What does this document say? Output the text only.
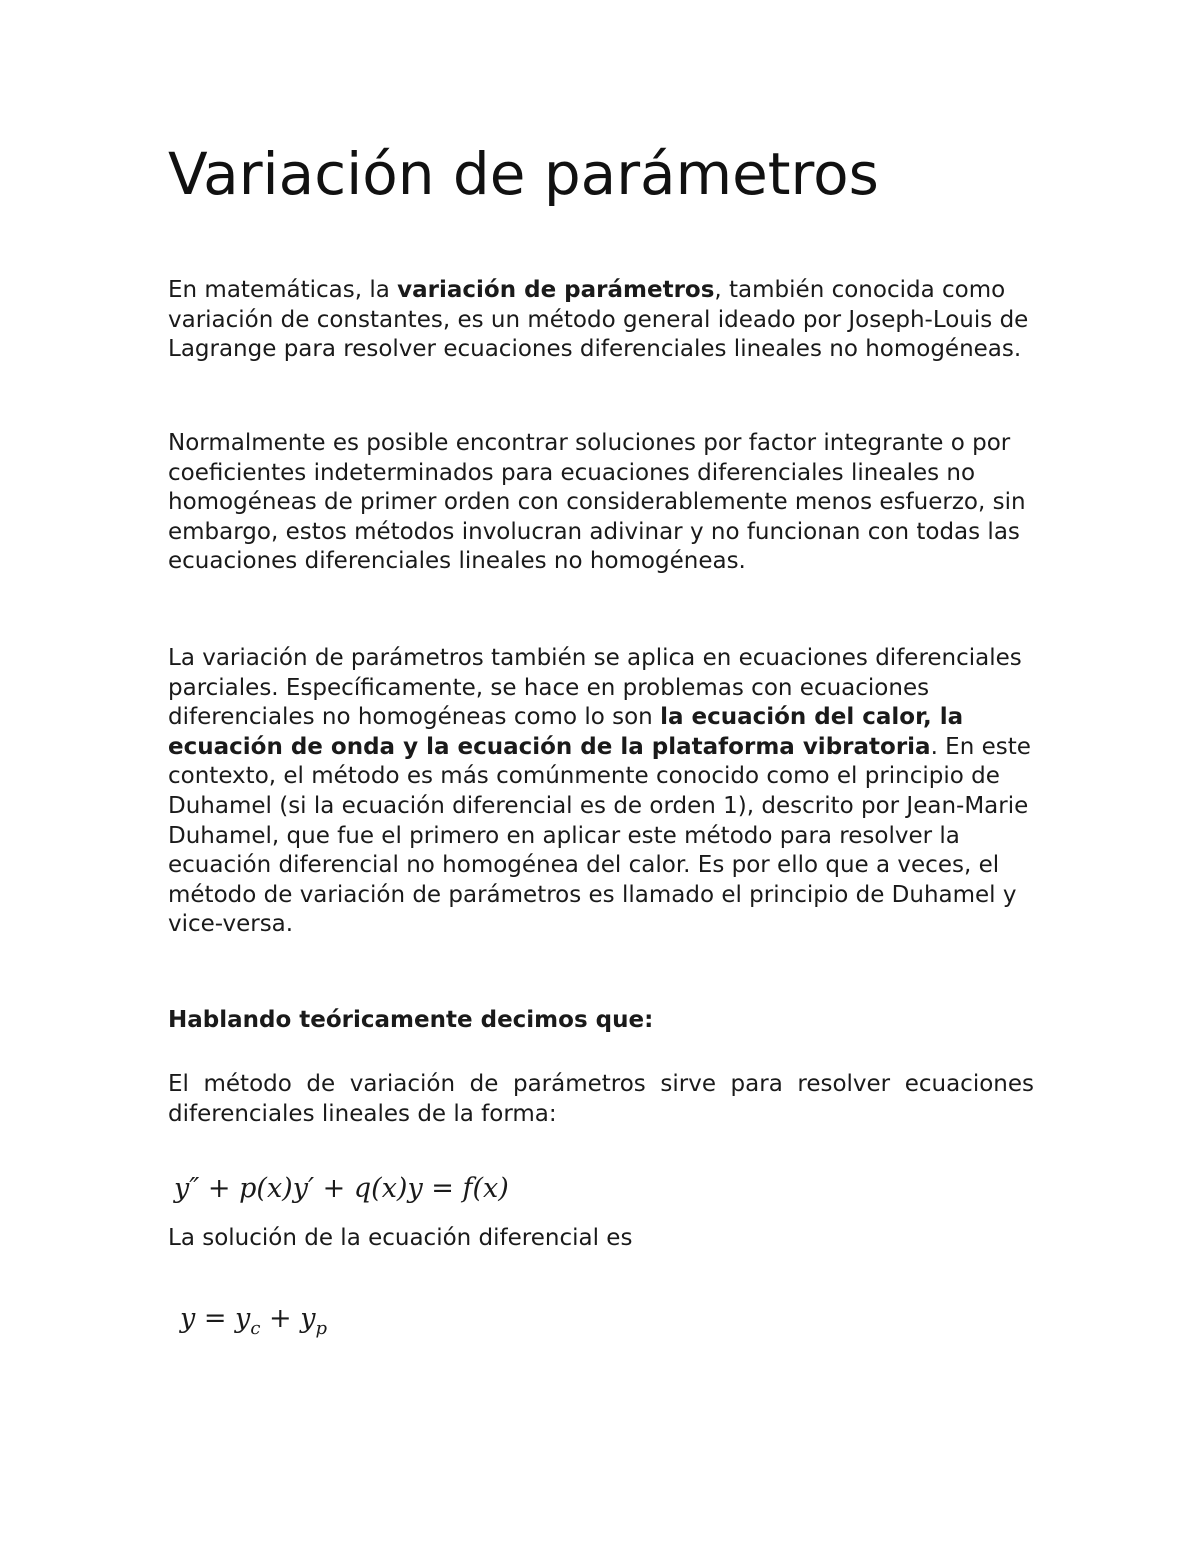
Variación de parámetros

En matemáticas, la variación de parámetros, también conocida como variación de constantes, es un método general ideado por Joseph-Louis de Lagrange para resolver ecuaciones diferenciales lineales no homogéneas.

Normalmente es posible encontrar soluciones por factor integrante o por coeficientes indeterminados para ecuaciones diferenciales lineales no homogéneas de primer orden con considerablemente menos esfuerzo, sin embargo, estos métodos involucran adivinar y no funcionan con todas las ecuaciones diferenciales lineales no homogéneas.

La variación de parámetros también se aplica en ecuaciones diferenciales parciales. Específicamente, se hace en problemas con ecuaciones diferenciales no homogéneas como lo son la ecuación del calor, la ecuación de onda y la ecuación de la plataforma vibratoria. En este contexto, el método es más comúnmente conocido como el principio de Duhamel (si la ecuación diferencial es de orden 1), descrito por Jean-Marie Duhamel, que fue el primero en aplicar este método para resolver la ecuación diferencial no homogénea del calor. Es por ello que a veces, el método de variación de parámetros es llamado el principio de Duhamel y vice-versa.

Hablando teóricamente decimos que:

El método de variación de parámetros sirve para resolver ecuaciones diferenciales lineales de la forma:

y″ + p(x)y′ + q(x)y = f(x)

La solución de la ecuación diferencial es

$y = y_c + y_p$
